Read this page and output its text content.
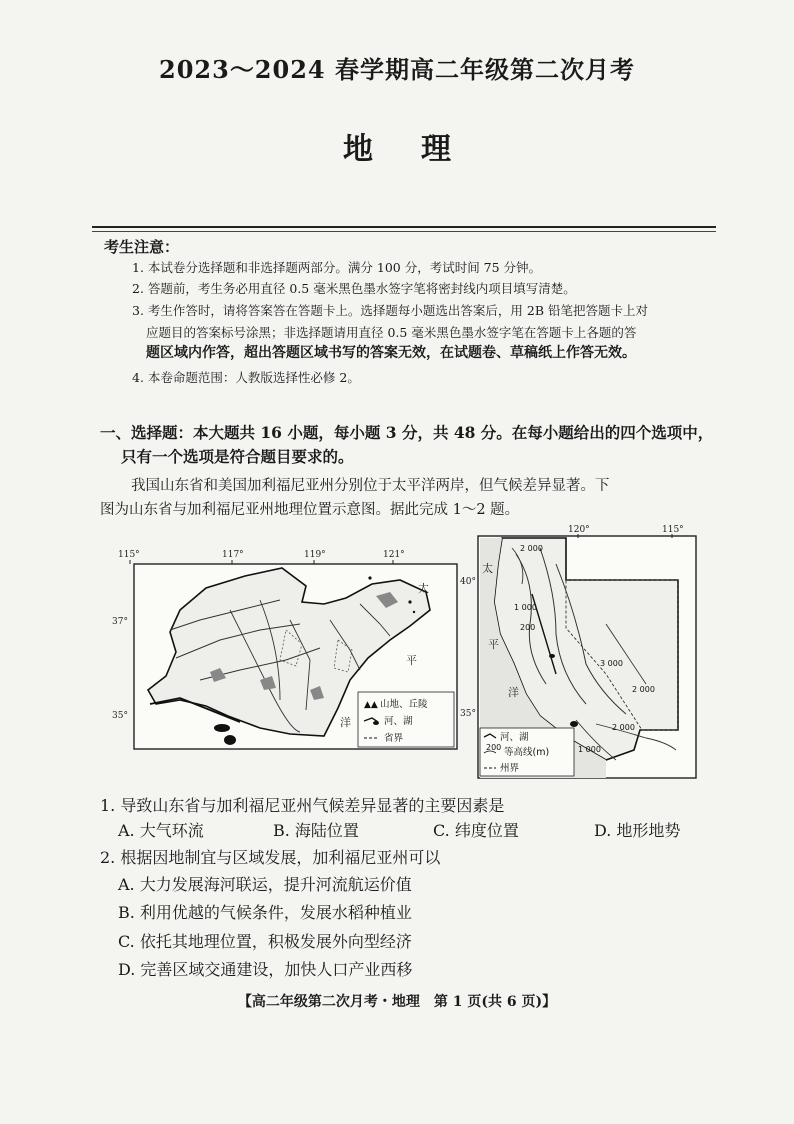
2023～2024 春学期高二年级第二次月考
地理
考生注意：
1. 本试卷分选择题和非选择题两部分。满分 100 分，考试时间 75 分钟。
2. 答题前，考生务必用直径 0.5 毫米黑色墨水签字笔将密封线内项目填写清楚。
3. 考生作答时，请将答案答在答题卡上。选择题每小题选出答案后，用 2B 铅笔把答题卡上对
应题目的答案标号涂黑；非选择题请用直径 0.5 毫米黑色墨水签字笔在答题卡上各题的答
题区域内作答，超出答题区域书写的答案无效，在试题卷、草稿纸上作答无效。
4. 本卷命题范围：人教版选择性必修 2。
一、选择题：本大题共 16 小题，每小题 3 分，共 48 分。在每小题给出的四个选项中，
只有一个选项是符合题目要求的。
我国山东省和美国加利福尼亚州分别位于太平洋两岸，但气候差异显著。下
图为山东省与加利福尼亚州地理位置示意图。据此完成 1～2 题。
115°	117°	119°	121°
37°
35°
太
平
洋
▲▲ 山地、丘陵
河、湖
省界
120°	115°
40°
35°
2 000
1 000
200
3 000
2 000
2 000
1 000
太
平
洋
河、湖
200 等高线(m)
州界
1. 导致山东省与加利福尼亚州气候差异显著的主要因素是
A. 大气环流	B. 海陆位置	C. 纬度位置	D. 地形地势
2. 根据因地制宜与区域发展，加利福尼亚州可以
A. 大力发展海河联运，提升河流航运价值
B. 利用优越的气候条件，发展水稻种植业
C. 依托其地理位置，积极发展外向型经济
D. 完善区域交通建设，加快人口产业西移
【高二年级第二次月考・地理　第 1 页(共 6 页)】
